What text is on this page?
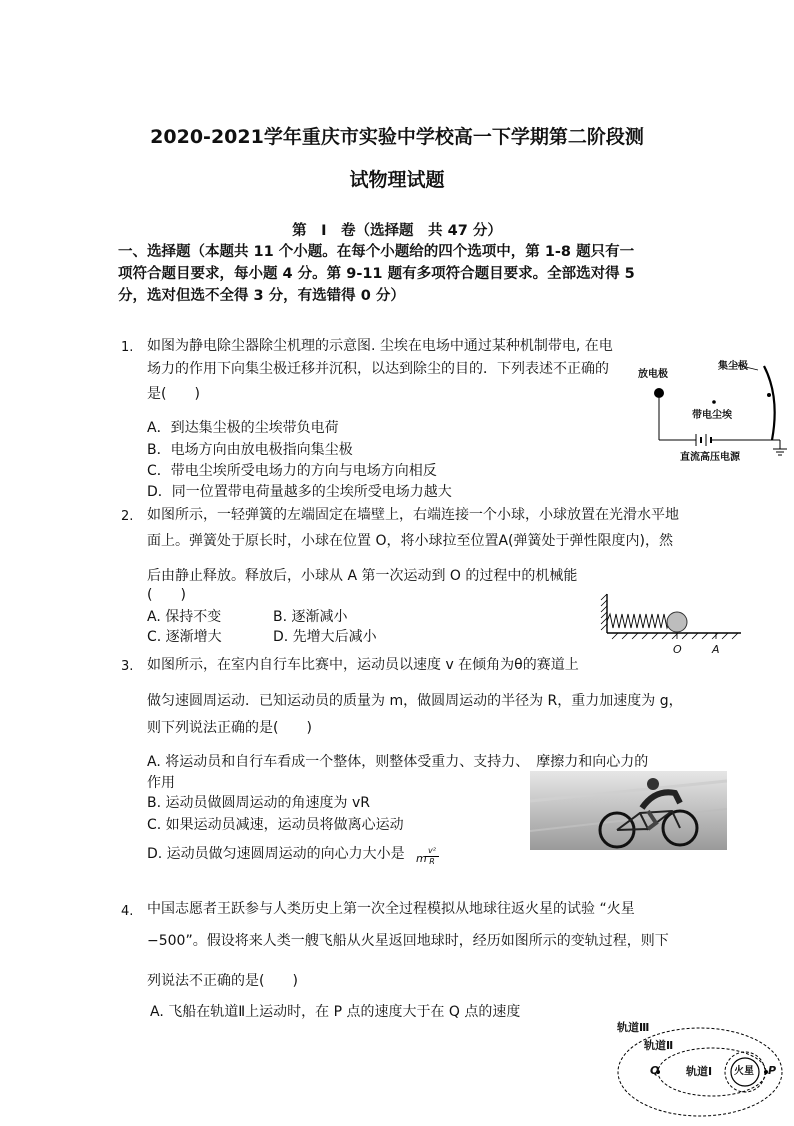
2020-2021学年重庆市实验中学校高一下学期第二阶段测
试物理试题
第　Ⅰ　卷（选择题　共 47 分）
一、选择题（本题共 11 个小题。在每个小题给的四个选项中，第 1-8 题只有一
项符合题目要求，每小题 4 分。第 9-11 题有多项符合题目要求。全部选对得 5
分，选对但选不全得 3 分，有选错得 0 分）
1. 如图为静电除尘器除尘机理的示意图. 尘埃在电场中通过某种机制带电, 在电
场力的作用下向集尘极迁移并沉积，以达到除尘的目的．下列表述不正确的
是(　　)
A．到达集尘极的尘埃带负电荷
B．电场方向由放电极指向集尘极
C．带电尘埃所受电场力的方向与电场方向相反
D．同一位置带电荷量越多的尘埃所受电场力越大
放电极
集尘极
带电尘埃
直流高压电源
2. 如图所示，一轻弹簧的左端固定在墙壁上，右端连接一个小球，小球放置在光滑水平地
面上。弹簧处于原长时，小球在位置 O，将小球拉至位置A(弹簧处于弹性限度内)，然
后由静止释放。释放后，小球从 A 第一次运动到 O 的过程中的机械能
(　　)
A. 保持不变	B. 逐渐减小
C. 逐渐增大	D. 先增大后减小
O	A
3. 如图所示，在室内自行车比赛中，运动员以速度 v 在倾角为θ的赛道上
做匀速圆周运动．已知运动员的质量为 m，做圆周运动的半径为 R，重力加速度为 g，
则下列说法正确的是(　　)
A. 将运动员和自行车看成一个整体，则整体受重力、支持力、　摩擦力和向心力的
作用
B. 运动员做圆周运动的角速度为 vR
C. 如果运动员减速，运动员将做离心运动
D. 运动员做匀速圆周运动的向心力大小是 m
$\frac{\text{v²}}{R}$
4. 中国志愿者王跃参与人类历史上第一次全过程模拟从地球往返火星的试验 “火星
−500”。假设将来人类一艘飞船从火星返回地球时，经历如图所示的变轨过程，则下
列说法不正确的是(　　)
A. 飞船在轨道Ⅱ上运动时，在 P 点的速度大于在 Q 点的速度
轨道Ⅲ
轨道Ⅱ
轨道Ⅰ 火星
Q	P
